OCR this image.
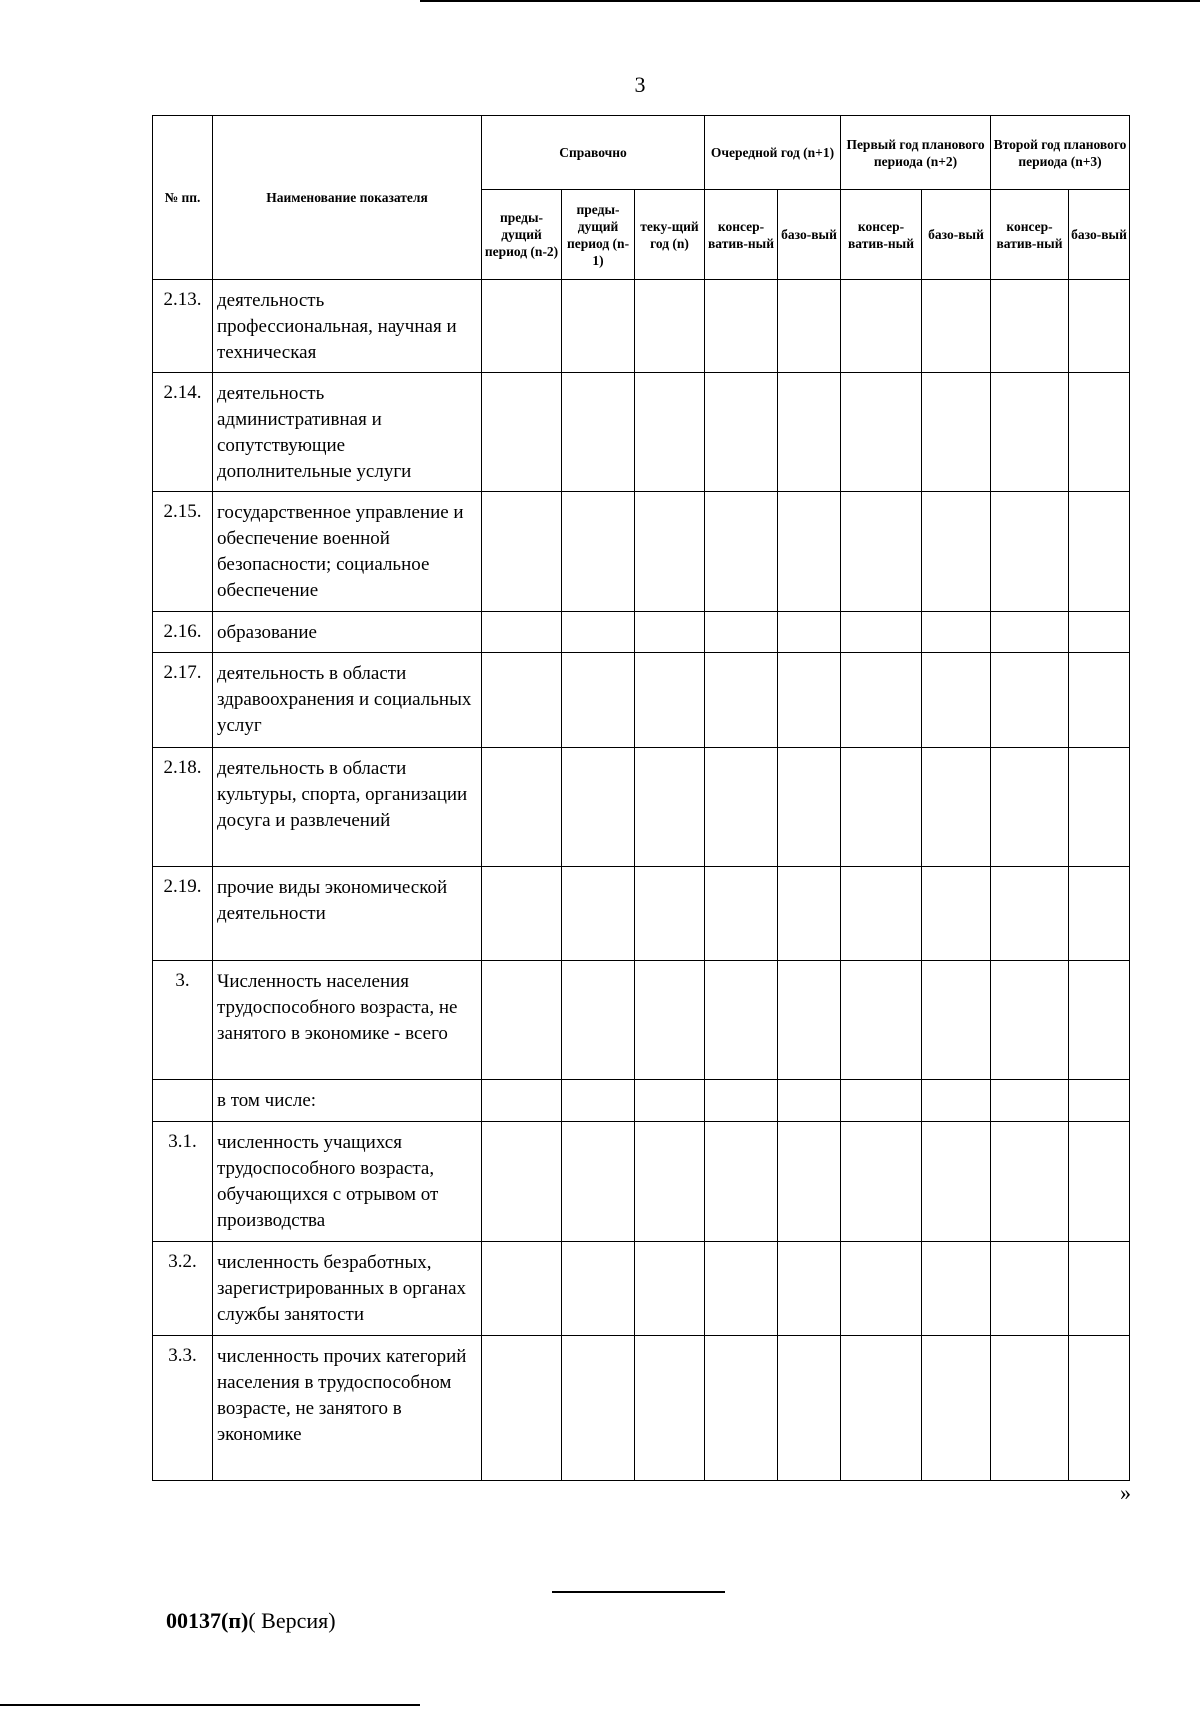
3
№ пп.	Наименование показателя	Справочно			Очередной год (n+1)		Первый год планового периода (n+2)		Второй год планового периода (n+3)	
		преды-дущий период (n-2)	преды-дущий период (n-1)	теку-щий год (n)	консер-ватив-ный	базо-вый	консер-ватив-ный	базо-вый	консер-ватив-ный	базо-вый
2.13.	деятельность профессиональная, научная и техническая									
2.14.	деятельность административная и сопутствующие дополнительные услуги									
2.15.	государственное управление и обеспечение военной безопасности; социальное обеспечение									
2.16.	образование									
2.17.	деятельность в области здравоохранения и социальных услуг									
2.18.	деятельность в области культуры, спорта, организации досуга и развлечений									
2.19.	прочие виды экономической деятельности									
3.	Численность населения трудоспособного возраста, не занятого в экономике - всего									
	в том числе:									
3.1.	численность учащихся трудоспособного возраста, обучающихся с отрывом от производства									
3.2.	численность безработных, зарегистрированных в органах службы занятости									
3.3.	численность прочих категорий населения в трудоспособном возрасте, не занятого в экономике									
»
00137(п)( Версия)
